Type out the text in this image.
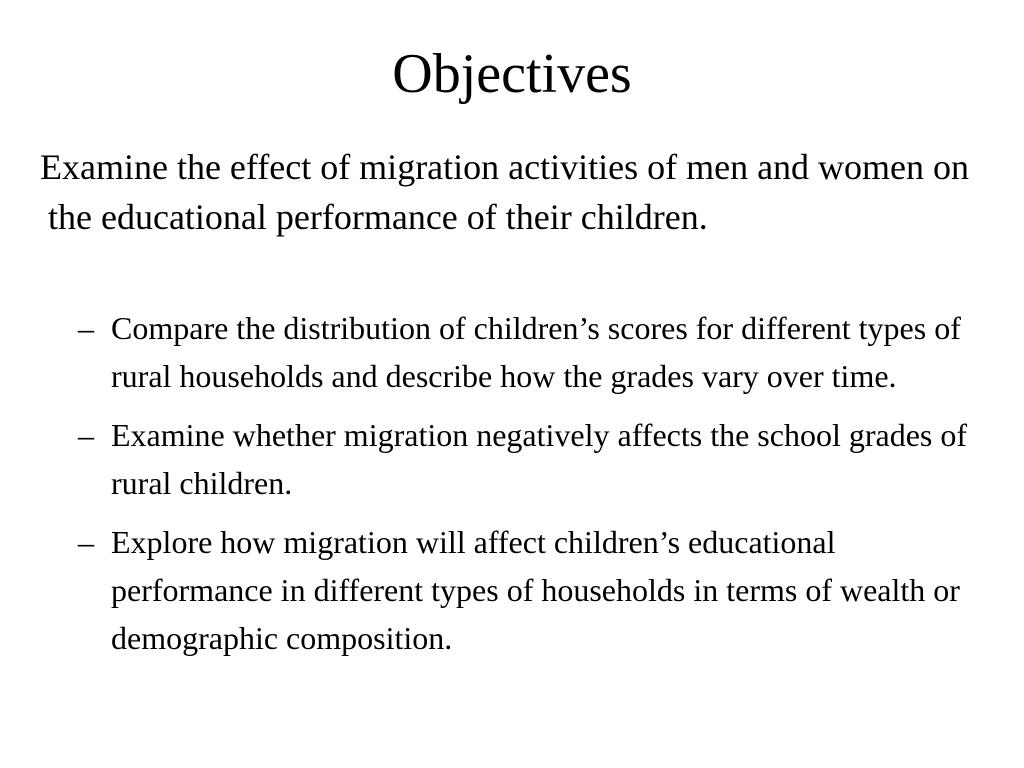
Objectives

Examine the effect of migration activities of men and women on the educational performance of their children.

– Compare the distribution of children’s scores for different types of rural households and describe how the grades vary over time.
– Examine whether migration negatively affects the school grades of rural children.
– Explore how migration will affect children’s educational performance in different types of households in terms of wealth or demographic composition.
